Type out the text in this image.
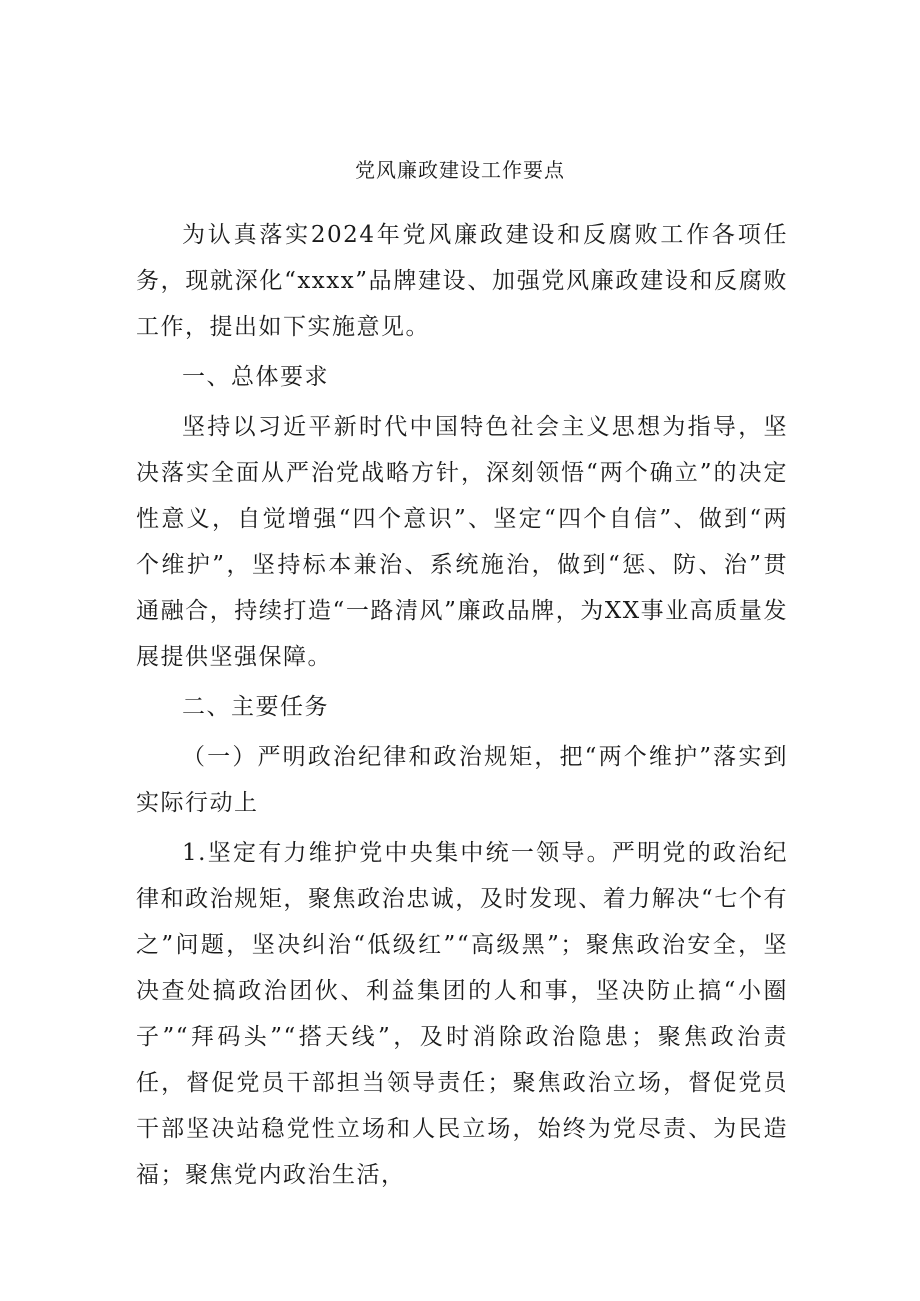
党风廉政建设工作要点

为认真落实2024年党风廉政建设和反腐败工作各项任务，现就深化“xxxx”品牌建设、加强党风廉政建设和反腐败工作，提出如下实施意见。

一、总体要求

坚持以习近平新时代中国特色社会主义思想为指导，坚决落实全面从严治党战略方针，深刻领悟“两个确立”的决定性意义，自觉增强“四个意识”、坚定“四个自信”、做到“两个维护”，坚持标本兼治、系统施治，做到“惩、防、治”贯通融合，持续打造“一路清风”廉政品牌，为XX事业高质量发展提供坚强保障。

二、主要任务

（一）严明政治纪律和政治规矩，把“两个维护”落实到实际行动上

1.坚定有力维护党中央集中统一领导。严明党的政治纪律和政治规矩，聚焦政治忠诚，及时发现、着力解决“七个有之”问题，坚决纠治“低级红”“高级黑”；聚焦政治安全，坚决查处搞政治团伙、利益集团的人和事，坚决防止搞“小圈子”“拜码头”“搭天线”，及时消除政治隐患；聚焦政治责任，督促党员干部担当领导责任；聚焦政治立场，督促党员干部坚决站稳党性立场和人民立场，始终为党尽责、为民造福；聚焦党内政治生活，
